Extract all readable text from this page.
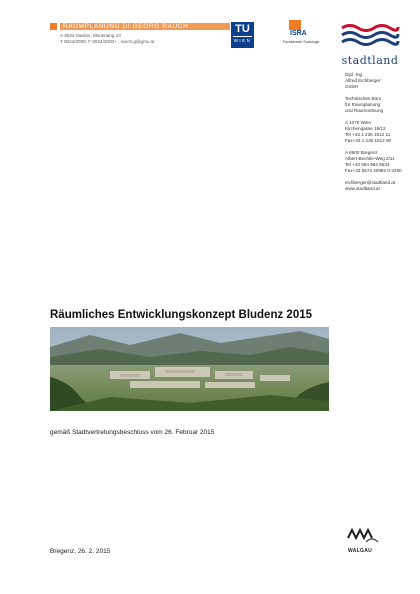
RAUMPLANUNG DI GEORG RAUCH
A 3034 Saxilox, Montstang 10
T 0024/2000, F 0024/2000+ , rauch.g@gmx.at
TU
WIEN
ISRA
Fachbereich Soziologie
stadtland

Dipl.-Ing.
Alfred Eichberger
GmbH

Technisches Büro
für Raumplanung
und Raumordnung

A 1070 Wien
Kirchengasse 19/12
Tel +43 1 236 1912 11
Fax+43 1 236 1912 90

A 6900 Bregenz
Albert-Bechtle-Weg 2/11
Tel +43 664 984 6633
Fax+43 5574 20982 0-3290

eichberger@stadtland.at
www.stadtland.at

Räumliches Entwicklungskonzept Bludenz 2015
gemäß Stadtvertretungsbeschluss vom 26. Februar 2015
Bregenz, 26. 2. 2015	WALGAU
